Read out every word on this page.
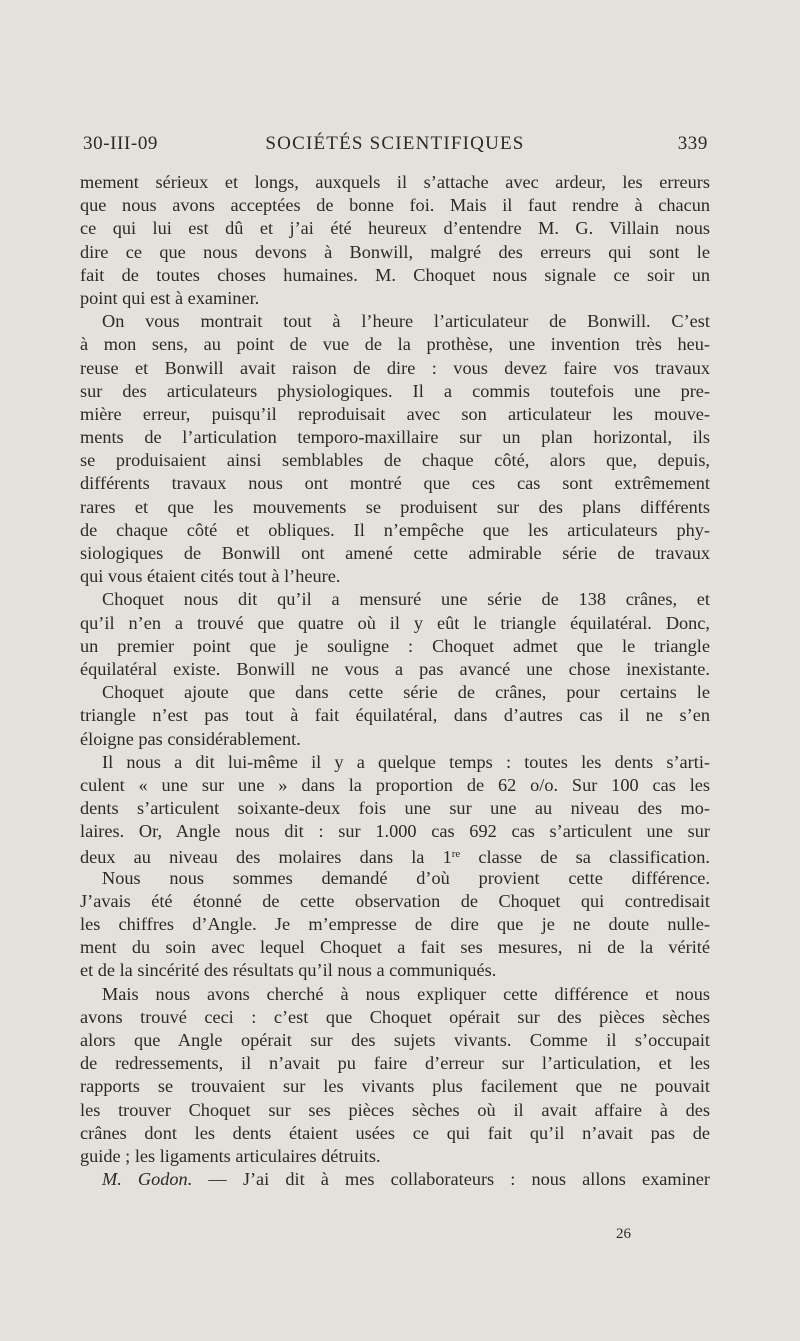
30-III-09	SOCIÉTÉS SCIENTIFIQUES	339
mement sérieux et longs, auxquels il s’attache avec ardeur, les erreurs
que nous avons acceptées de bonne foi. Mais il faut rendre à chacun
ce qui lui est dû et j’ai été heureux d’entendre M. G. Villain nous
dire ce que nous devons à Bonwill, malgré des erreurs qui sont le
fait de toutes choses humaines. M. Choquet nous signale ce soir un
point qui est à examiner.
On vous montrait tout à l’heure l’articulateur de Bonwill. C’est
à mon sens, au point de vue de la prothèse, une invention très heu-
reuse et Bonwill avait raison de dire : vous devez faire vos travaux
sur des articulateurs physiologiques. Il a commis toutefois une pre-
mière erreur, puisqu’il reproduisait avec son articulateur les mouve-
ments de l’articulation temporo-maxillaire sur un plan horizontal, ils
se produisaient ainsi semblables de chaque côté, alors que, depuis,
différents travaux nous ont montré que ces cas sont extrêmement
rares et que les mouvements se produisent sur des plans différents
de chaque côté et obliques. Il n’empêche que les articulateurs phy-
siologiques de Bonwill ont amené cette admirable série de travaux
qui vous étaient cités tout à l’heure.
Choquet nous dit qu’il a mensuré une série de 138 crânes, et
qu’il n’en a trouvé que quatre où il y eût le triangle équilatéral. Donc,
un premier point que je souligne : Choquet admet que le triangle
équilatéral existe. Bonwill ne vous a pas avancé une chose inexistante.
Choquet ajoute que dans cette série de crânes, pour certains le
triangle n’est pas tout à fait équilatéral, dans d’autres cas il ne s’en
éloigne pas considérablement.
Il nous a dit lui-même il y a quelque temps : toutes les dents s’arti-
culent « une sur une » dans la proportion de 62 o/o. Sur 100 cas les
dents s’articulent soixante-deux fois une sur une au niveau des mo-
laires. Or, Angle nous dit : sur 1.000 cas 692 cas s’articulent une sur
deux au niveau des molaires dans la 1re classe de sa classification.
Nous nous sommes demandé d’où provient cette différence.
J’avais été étonné de cette observation de Choquet qui contredisait
les chiffres d’Angle. Je m’empresse de dire que je ne doute nulle-
ment du soin avec lequel Choquet a fait ses mesures, ni de la vérité
et de la sincérité des résultats qu’il nous a communiqués.
Mais nous avons cherché à nous expliquer cette différence et nous
avons trouvé ceci : c’est que Choquet opérait sur des pièces sèches
alors que Angle opérait sur des sujets vivants. Comme il s’occupait
de redressements, il n’avait pu faire d’erreur sur l’articulation, et les
rapports se trouvaient sur les vivants plus facilement que ne pouvait
les trouver Choquet sur ses pièces sèches où il avait affaire à des
crânes dont les dents étaient usées ce qui fait qu’il n’avait pas de
guide ; les ligaments articulaires détruits.
M. Godon. — J’ai dit à mes collaborateurs : nous allons examiner
26
